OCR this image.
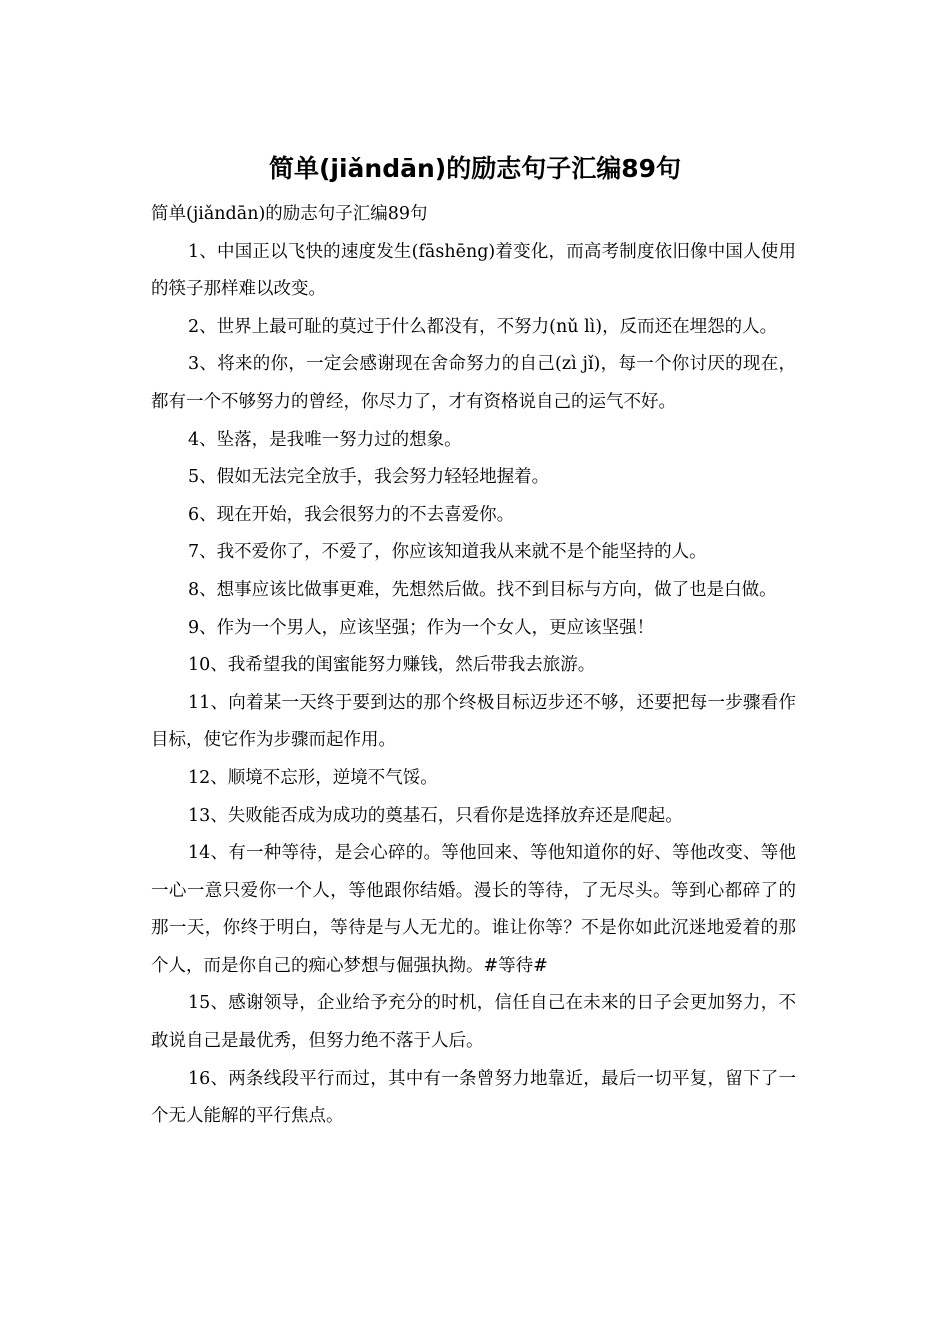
简单(jiǎndān)的励志句子汇编89句

简单(jiǎndān)的励志句子汇编89句

1、中国正以飞快的速度发生(fāshēng)着变化，而高考制度依旧像中国人使用的筷子那样难以改变。

2、世界上最可耻的莫过于什么都没有，不努力(nǔ lì)，反而还在埋怨的人。

3、将来的你，一定会感谢现在舍命努力的自己(zì jǐ)，每一个你讨厌的现在，都有一个不够努力的曾经，你尽力了，才有资格说自己的运气不好。

4、坠落，是我唯一努力过的想象。

5、假如无法完全放手，我会努力轻轻地握着。

6、现在开始，我会很努力的不去喜爱你。

7、我不爱你了，不爱了，你应该知道我从来就不是个能坚持的人。

8、想事应该比做事更难，先想然后做。找不到目标与方向，做了也是白做。

9、作为一个男人，应该坚强；作为一个女人，更应该坚强！

10、我希望我的闺蜜能努力赚钱，然后带我去旅游。

11、向着某一天终于要到达的那个终极目标迈步还不够，还要把每一步骤看作目标，使它作为步骤而起作用。

12、顺境不忘形，逆境不气馁。

13、失败能否成为成功的奠基石，只看你是选择放弃还是爬起。

14、有一种等待，是会心碎的。等他回来、等他知道你的好、等他改变、等他一心一意只爱你一个人，等他跟你结婚。漫长的等待，了无尽头。等到心都碎了的那一天，你终于明白，等待是与人无尤的。谁让你等？不是你如此沉迷地爱着的那个人，而是你自己的痴心梦想与倔强执拗。#等待#

15、感谢领导，企业给予充分的时机，信任自己在未来的日子会更加努力，不敢说自己是最优秀，但努力绝不落于人后。

16、两条线段平行而过，其中有一条曾努力地靠近，最后一切平复，留下了一个无人能解的平行焦点。
